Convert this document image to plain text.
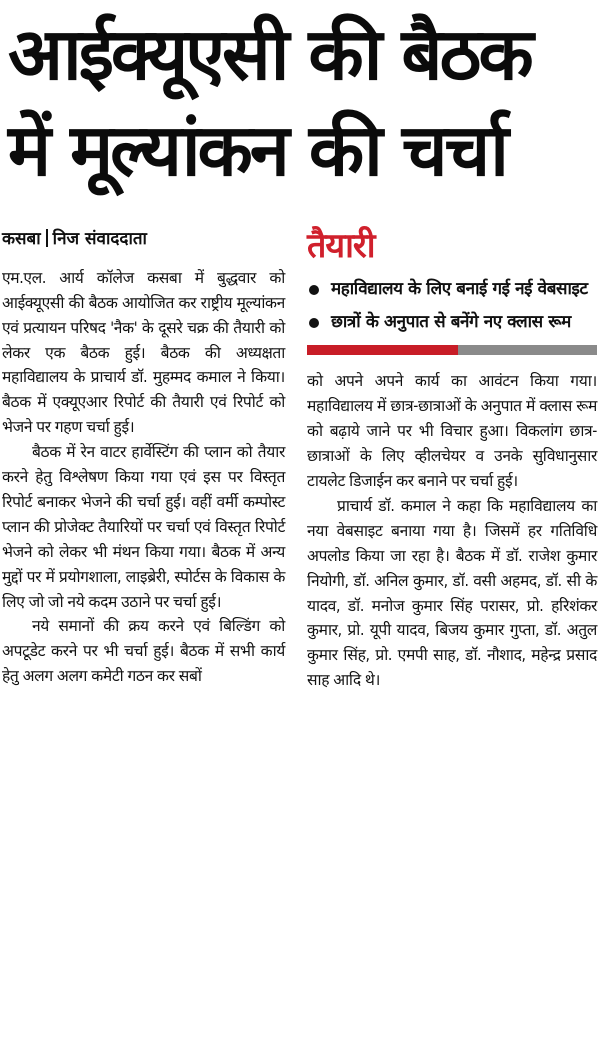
आईक्यूएसी की बैठक
में मूल्यांकन की चर्चा
कसबा निज संवाददाता

एम.एल. आर्य कॉलेज कसबा में बुद्धवार को आईक्यूएसी की बैठक आयोजित कर राष्ट्रीय मूल्यांकन एवं प्रत्यायन परिषद 'नैक' के दूसरे चक्र की तैयारी को लेकर एक बैठक हुई। बैठक की अध्यक्षता महाविद्यालय के प्राचार्य डॉ. मुहम्मद कमाल ने किया। बैठक में एक्यूएआर रिपोर्ट की तैयारी एवं रिपोर्ट को भेजने पर गहण चर्चा हुई।

बैठक में रेन वाटर हार्वेस्टिंग की प्लान को तैयार करने हेतु विश्लेषण किया गया एवं इस पर विस्तृत रिपोर्ट बनाकर भेजने की चर्चा हुई। वहीं वर्मी कम्पोस्ट प्लान की प्रोजेक्ट तैयारियों पर चर्चा एवं विस्तृत रिपोर्ट भेजने को लेकर भी मंथन किया गया। बैठक में अन्य मुद्दों पर में प्रयोगशाला, लाइब्रेरी, स्पोर्टस के विकास के लिए जो जो नये कदम उठाने पर चर्चा हुई।

नये समानों की क्रय करने एवं बिल्डिंग को अपटूडेट करने पर भी चर्चा हुई। बैठक में सभी कार्य हेतु अलग अलग कमेटी गठन कर सबों

तैयारी
महाविद्यालय के लिए बनाई गई नई वेबसाइट
छात्रों के अनुपात से बनेंगे नए क्लास रूम

को अपने अपने कार्य का आवंटन किया गया। महाविद्यालय में छात्र-छात्राओं के अनुपात में क्लास रूम को बढ़ाये जाने पर भी विचार हुआ। विकलांग छात्र-छात्राओं के लिए व्हीलचेयर व उनके सुविधानुसार टायलेट डिजाईन कर बनाने पर चर्चा हुई।

प्राचार्य डॉ. कमाल ने कहा कि महाविद्यालय का नया वेबसाइट बनाया गया है। जिसमें हर गतिविधि अपलोड किया जा रहा है। बैठक में डॉ. राजेश कुमार नियोगी, डॉ. अनिल कुमार, डॉ. वसी अहमद, डॉ. सी के यादव, डॉ. मनोज कुमार सिंह परासर, प्रो. हरिशंकर कुमार, प्रो. यूपी यादव, बिजय कुमार गुप्ता, डॉ. अतुल कुमार सिंह, प्रो. एमपी साह, डॉ. नौशाद, महेन्द्र प्रसाद साह आदि थे।
